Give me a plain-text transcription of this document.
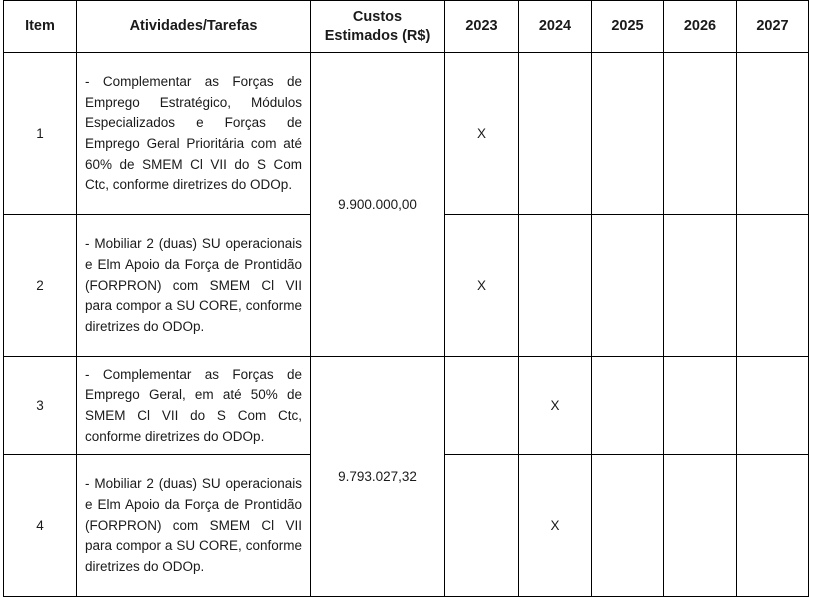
Item	Atividades/Tarefas	Custos
Estimados (R$)	2023	2024	2025	2026	2027
1	- Complementar as Forças de Emprego Estratégico, Módulos Especializados e Forças de Emprego Geral Prioritária com até 60% de SMEM Cl VII do S Com Ctc, conforme diretrizes do ODOp.	9.900.000,00	X				
2	- Mobiliar 2 (duas) SU operacionais e Elm Apoio da Força de Prontidão (FORPRON) com SMEM Cl VII para compor a SU CORE, conforme diretrizes do ODOp.		X				
3	- Complementar as Forças de Emprego Geral, em até 50% de SMEM Cl VII do S Com Ctc, conforme diretrizes do ODOp.	9.793.027,32		X			
4	- Mobiliar 2 (duas) SU operacionais e Elm Apoio da Força de Prontidão (FORPRON) com SMEM Cl VII para compor a SU CORE, conforme diretrizes do ODOp.			X			
